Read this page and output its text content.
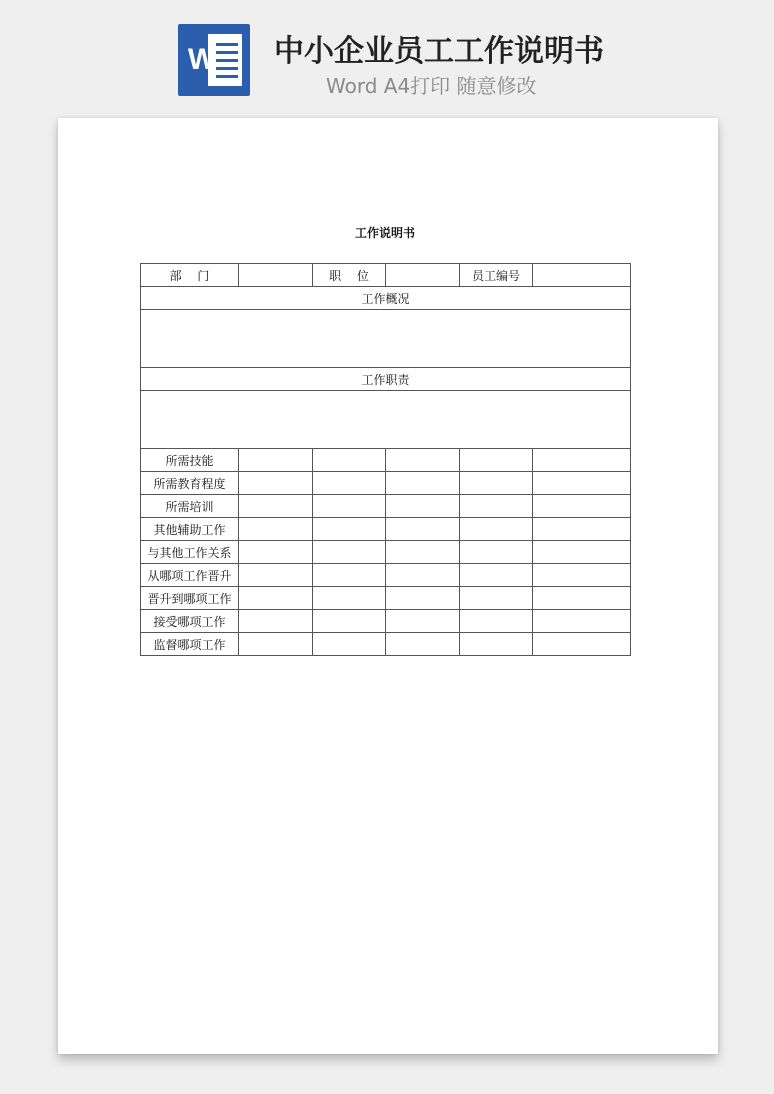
W 中小企业员工工作说明书
Word A4打印 随意修改
工作说明书
部　 门		职　 位		员工编号	
工作概况					

工作职责					

所需技能					
所需教育程度					
所需培训					
其他辅助工作					
与其他工作关系					
从哪项工作晋升					
晋升到哪项工作					
接受哪项工作					
监督哪项工作					
